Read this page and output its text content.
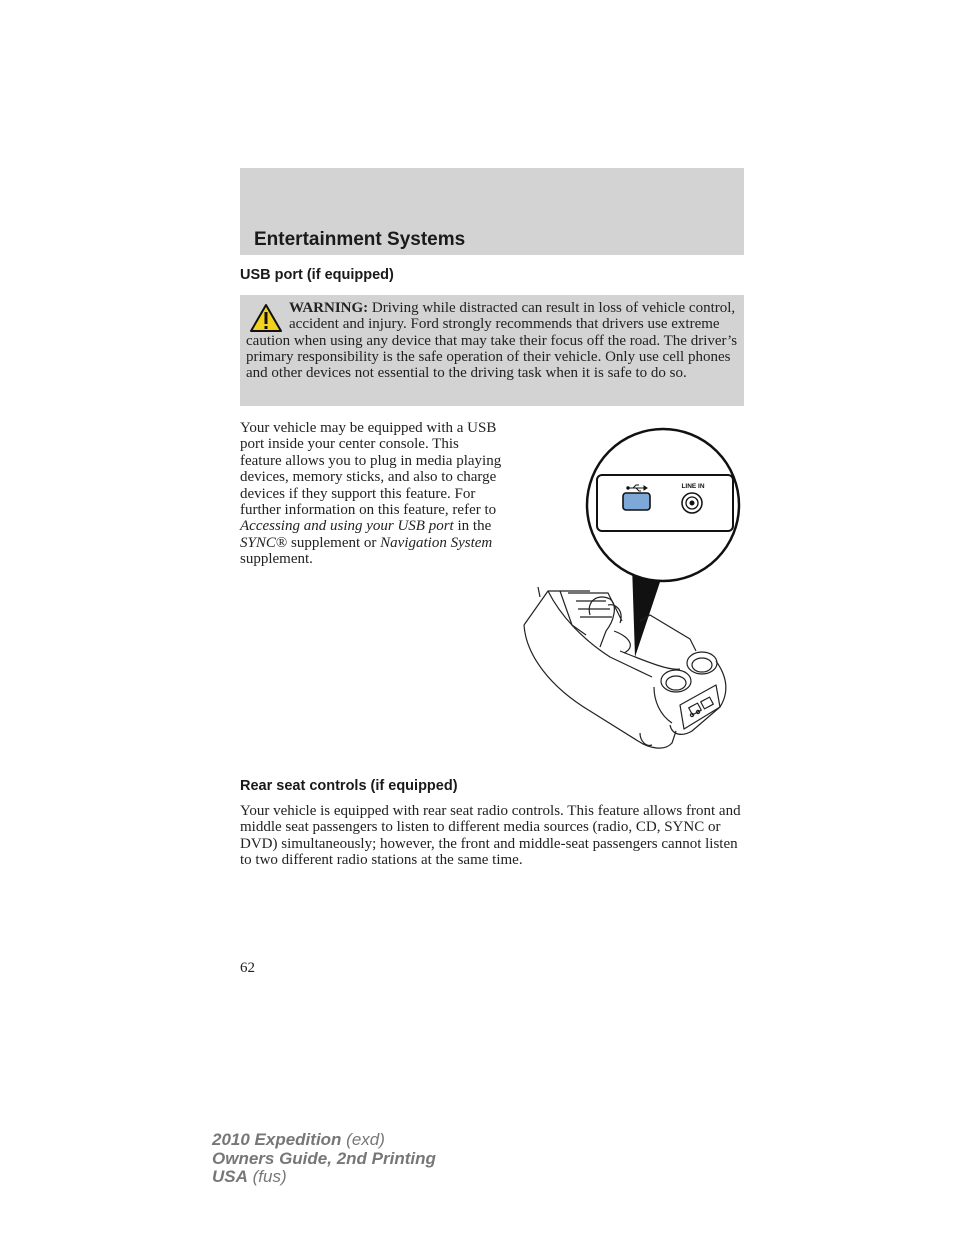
Entertainment Systems
USB port (if equipped)

WARNING: Driving while distracted can result in loss of vehicle control, accident and injury. Ford strongly recommends that drivers use extreme caution when using any device that may take their focus off the road. The driver’s primary responsibility is the safe operation of their vehicle. Only use cell phones and other devices not essential to the driving task when it is safe to do so.

Your vehicle may be equipped with a USB port inside your center console. This feature allows you to plug in media playing devices, memory sticks, and also to charge devices if they support this feature. For further information on this feature, refer to Accessing and using your USB port in the SYNC® supplement or Navigation System supplement.

LINE IN
Rear seat controls (if equipped)

Your vehicle is equipped with rear seat radio controls. This feature allows front and middle seat passengers to listen to different media sources (radio, CD, SYNC or DVD) simultaneously; however, the front and middle-seat passengers cannot listen to two different radio stations at the same time.

62

2010 Expedition (exd)
Owners Guide, 2nd Printing
USA (fus)
